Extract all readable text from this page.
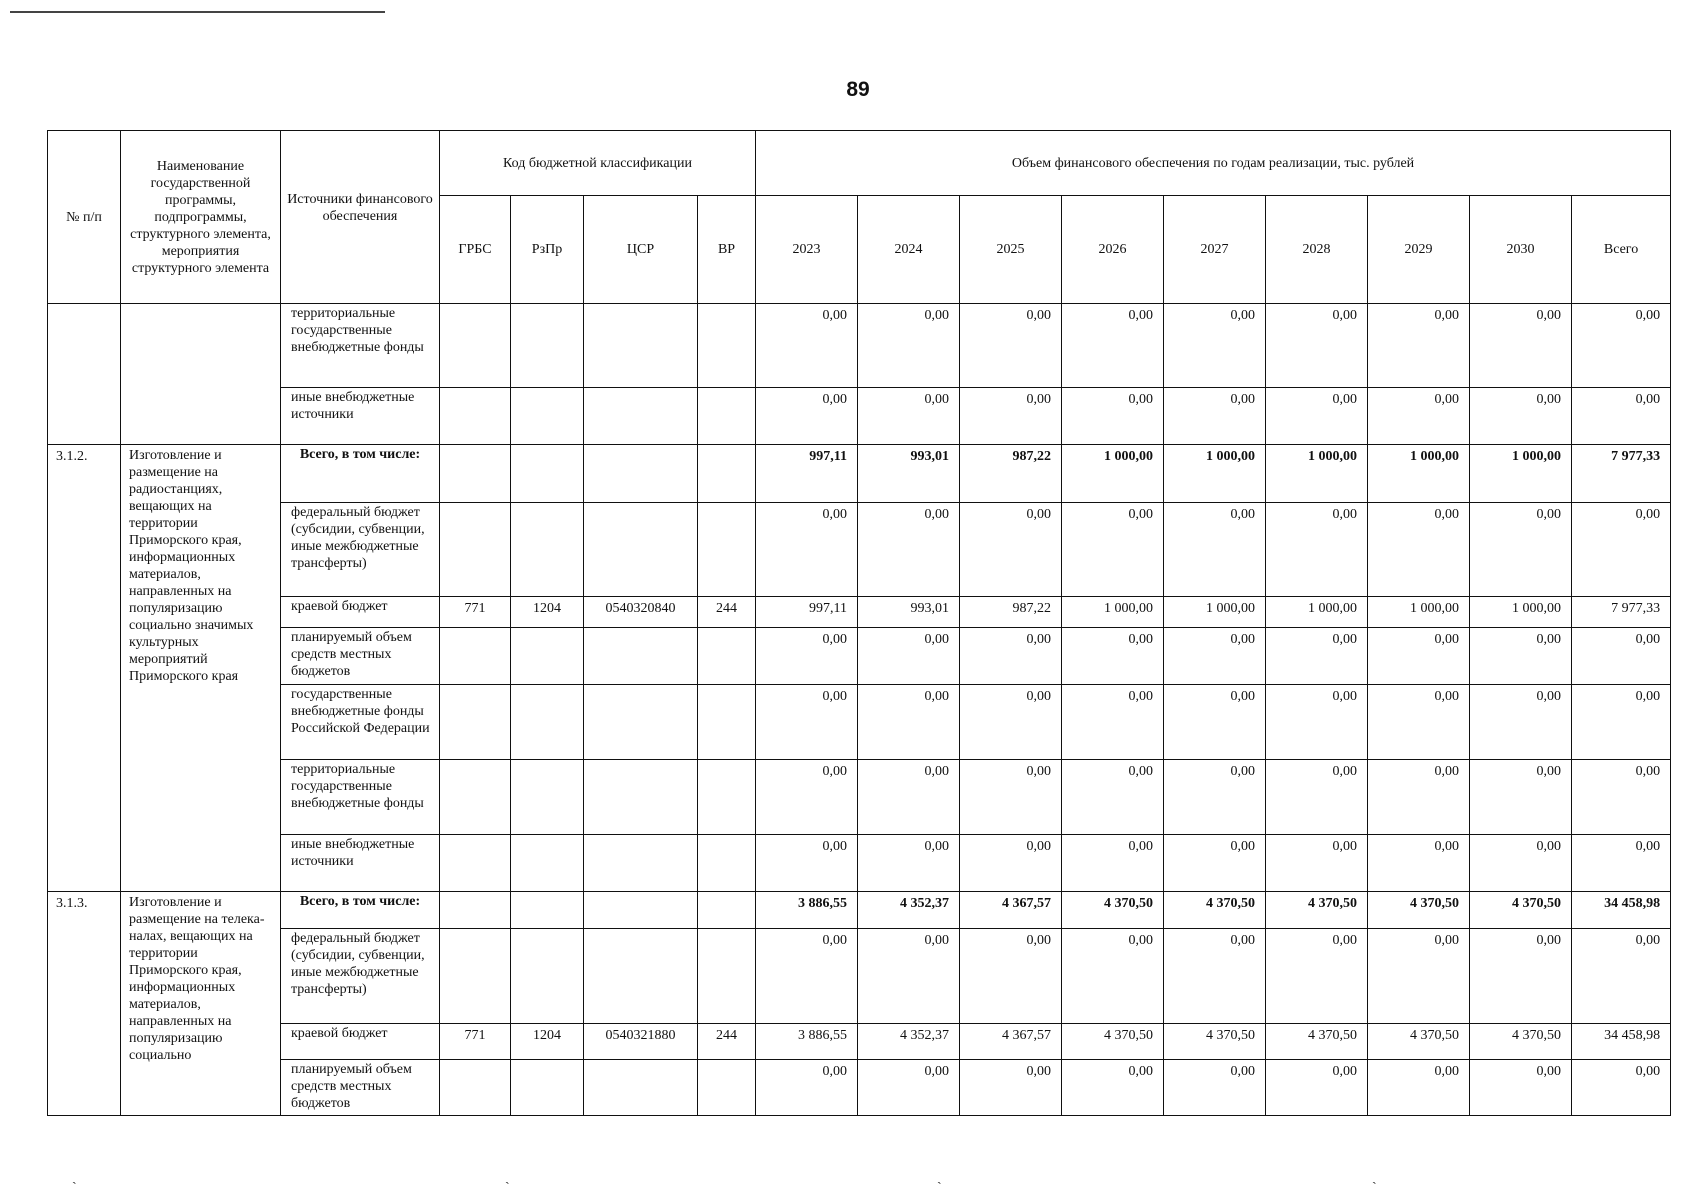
89
№ п/п	Наименование государственной программы, подпрограммы, структурного элемента, мероприятия структурного элемента	Источники финансового обеспечения	Код бюджетной классификации				Объем финансового обеспечения по годам реализации, тыс. рублей								
			ГРБС	РзПр	ЦСР	ВР	2023	2024	2025	2026	2027	2028	2029	2030	Всего
		территориальные государственные внебюджетные фонды					0,00	0,00	0,00	0,00	0,00	0,00	0,00	0,00	0,00
		иные внебюджетные источники					0,00	0,00	0,00	0,00	0,00	0,00	0,00	0,00	0,00
3.1.2.	Изготовление и размещение на радиостанциях, вещающих на территории Приморского края, информационных материалов, направленных на популяризацию социально значимых культурных мероприятий Приморского края	Всего, в том числе:					997,11	993,01	987,22	1 000,00	1 000,00	1 000,00	1 000,00	1 000,00	7 977,33
		федеральный бюджет (субсидии, субвенции, иные межбюджетные трансферты)					0,00	0,00	0,00	0,00	0,00	0,00	0,00	0,00	0,00
		краевой бюджет	771	1204	0540320840	244	997,11	993,01	987,22	1 000,00	1 000,00	1 000,00	1 000,00	1 000,00	7 977,33
		планируемый объем средств местных бюджетов					0,00	0,00	0,00	0,00	0,00	0,00	0,00	0,00	0,00
		государственные внебюджетные фонды Российской Федерации					0,00	0,00	0,00	0,00	0,00	0,00	0,00	0,00	0,00
		территориальные государственные внебюджетные фонды					0,00	0,00	0,00	0,00	0,00	0,00	0,00	0,00	0,00
		иные внебюджетные источники					0,00	0,00	0,00	0,00	0,00	0,00	0,00	0,00	0,00
3.1.3.	Изготовление и размещение на телека- налах, вещающих на территории Приморского края, информационных материалов, направленных на популяризацию социально	Всего, в том числе:					3 886,55	4 352,37	4 367,57	4 370,50	4 370,50	4 370,50	4 370,50	4 370,50	34 458,98
		федеральный бюджет (субсидии, субвенции, иные межбюджетные трансферты)					0,00	0,00	0,00	0,00	0,00	0,00	0,00	0,00	0,00
		краевой бюджет	771	1204	0540321880	244	3 886,55	4 352,37	4 367,57	4 370,50	4 370,50	4 370,50	4 370,50	4 370,50	34 458,98
		планируемый объем средств местных бюджетов					0,00	0,00	0,00	0,00	0,00	0,00	0,00	0,00	0,00
ˎ	ˎ	ˎ	ˎ
